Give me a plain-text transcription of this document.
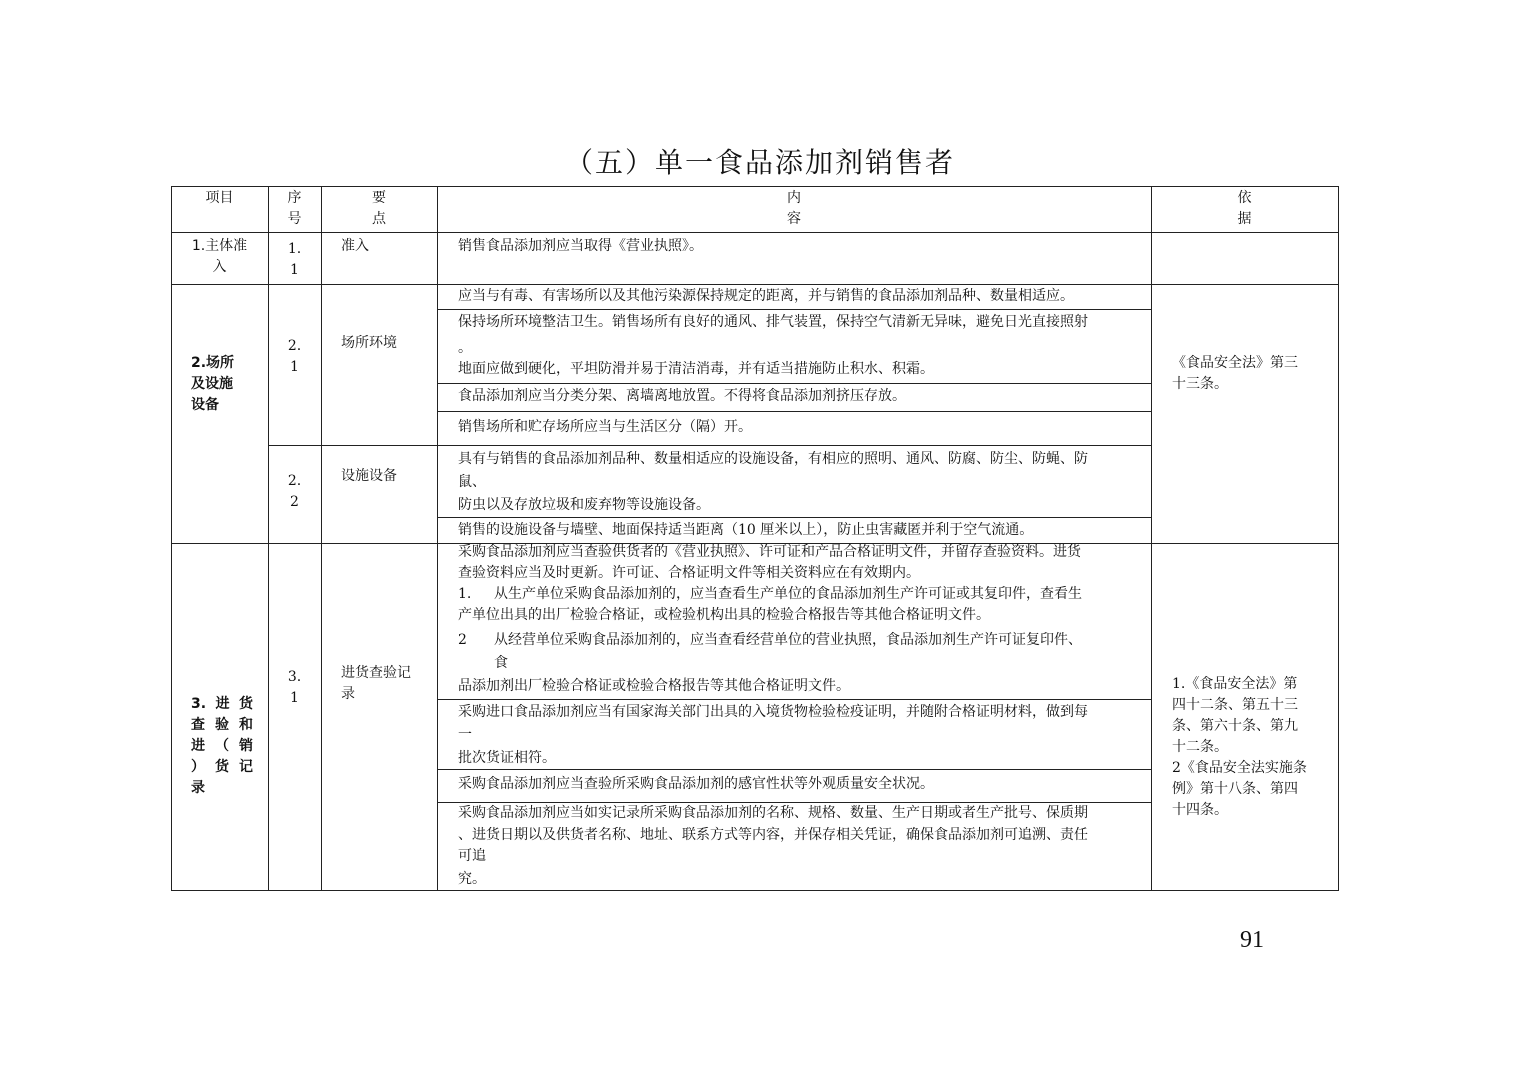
（五）单一食品添加剂销售者
项目	序
号
要
点
内
容
依
据
1.主体准
入
1.
1
准入	销售食品添加剂应当取得《营业执照》。
2.场所
及设施
设备
《食品安全法》第三
十三条。
2.
1
场所环境
应当与有毒、有害场所以及其他污染源保持规定的距离，并与销售的食品添加剂品种、数量相适应。
保持场所环境整洁卫生。销售场所有良好的通风、排气装置，保持空气清新无异味，避免日光直接照射
。
地面应做到硬化，平坦防滑并易于清洁消毒，并有适当措施防止积水、积霜。
食品添加剂应当分类分架、离墙离地放置。不得将食品添加剂挤压存放。
销售场所和贮存场所应当与生活区分（隔）开。
2.
2
设施设备
具有与销售的食品添加剂品种、数量相适应的设施设备，有相应的照明、通风、防腐、防尘、防蝇、防
鼠、
防虫以及存放垃圾和废弃物等设施设备。
销售的设施设备与墙壁、地面保持适当距离（10 厘米以上），防止虫害藏匿并利于空气流通。
3. 进 货
查 验 和
进 （ 销
） 货 记
录
3.
1
进货查验记
录
1.《食品安全法》第
四十二条、第五十三
条、第六十条、第九
十二条。
2《食品安全法实施条
例》第十八条、第四
十四条。
采购食品添加剂应当查验供货者的《营业执照》、许可证和产品合格证明文件，并留存查验资料。进货
查验资料应当及时更新。许可证、合格证明文件等相关资料应在有效期内。
1. 从生产单位采购食品添加剂的，应当查看生产单位的食品添加剂生产许可证或其复印件，查看生
产单位出具的出厂检验合格证，或检验机构出具的检验合格报告等其他合格证明文件。
2 从经营单位采购食品添加剂的，应当查看经营单位的营业执照，食品添加剂生产许可证复印件、
食
品添加剂出厂检验合格证或检验合格报告等其他合格证明文件。
采购进口食品添加剂应当有国家海关部门出具的入境货物检验检疫证明，并随附合格证明材料，做到每
一
批次货证相符。
采购食品添加剂应当查验所采购食品添加剂的感官性状等外观质量安全状况。
采购食品添加剂应当如实记录所采购食品添加剂的名称、规格、数量、生产日期或者生产批号、保质期
、进货日期以及供货者名称、地址、联系方式等内容，并保存相关凭证，确保食品添加剂可追溯、责任
可追
究。
91
